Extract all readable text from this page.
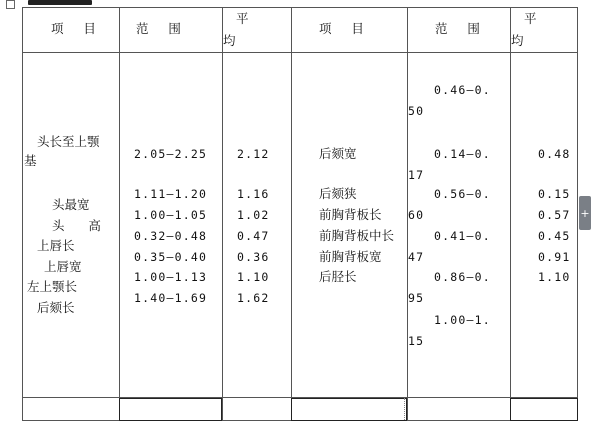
项     目	范     围
平
均
项     目	范     围
平
均
头长至上颚
基
头最宽
头      高
上唇长
上唇宽
左上颚长
后颏长
2.05—2.25
1.11—1.20
1.00—1.05
0.32—0.48
0.35—0.40
1.00—1.13
1.40—1.69
2.12
1.16
1.02
0.47
0.36
1.10
1.62
后颏宽
后颏狭
前胸背板长
前胸背板中长
前胸背板宽
后胫长
0.46—0.
50
0.14—0.
17
0.56—0.
60
0.41—0.
47
0.86—0.
95
1.00—1.
15
0.48
0.15
0.57
0.45
0.91
1.10
+
